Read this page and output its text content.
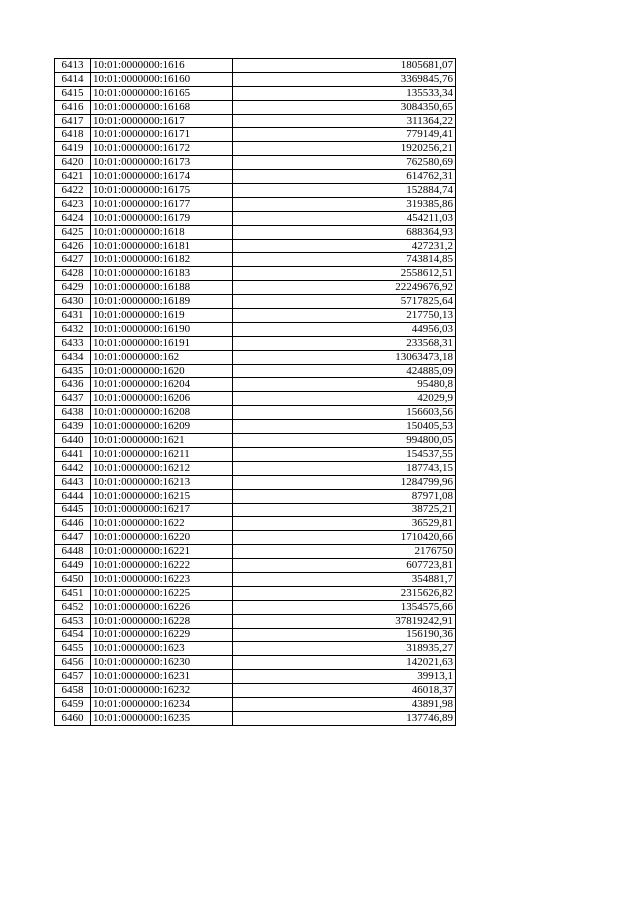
6413	10:01:0000000:1616	1805681,07
6414	10:01:0000000:16160	3369845,76
6415	10:01:0000000:16165	135533,34
6416	10:01:0000000:16168	3084350,65
6417	10:01:0000000:1617	311364,22
6418	10:01:0000000:16171	779149,41
6419	10:01:0000000:16172	1920256,21
6420	10:01:0000000:16173	762580,69
6421	10:01:0000000:16174	614762,31
6422	10:01:0000000:16175	152884,74
6423	10:01:0000000:16177	319385,86
6424	10:01:0000000:16179	454211,03
6425	10:01:0000000:1618	688364,93
6426	10:01:0000000:16181	427231,2
6427	10:01:0000000:16182	743814,85
6428	10:01:0000000:16183	2558612,51
6429	10:01:0000000:16188	22249676,92
6430	10:01:0000000:16189	5717825,64
6431	10:01:0000000:1619	217750,13
6432	10:01:0000000:16190	44956,03
6433	10:01:0000000:16191	233568,31
6434	10:01:0000000:162	13063473,18
6435	10:01:0000000:1620	424885,09
6436	10:01:0000000:16204	95480,8
6437	10:01:0000000:16206	42029,9
6438	10:01:0000000:16208	156603,56
6439	10:01:0000000:16209	150405,53
6440	10:01:0000000:1621	994800,05
6441	10:01:0000000:16211	154537,55
6442	10:01:0000000:16212	187743,15
6443	10:01:0000000:16213	1284799,96
6444	10:01:0000000:16215	87971,08
6445	10:01:0000000:16217	38725,21
6446	10:01:0000000:1622	36529,81
6447	10:01:0000000:16220	1710420,66
6448	10:01:0000000:16221	2176750
6449	10:01:0000000:16222	607723,81
6450	10:01:0000000:16223	354881,7
6451	10:01:0000000:16225	2315626,82
6452	10:01:0000000:16226	1354575,66
6453	10:01:0000000:16228	37819242,91
6454	10:01:0000000:16229	156190,36
6455	10:01:0000000:1623	318935,27
6456	10:01:0000000:16230	142021,63
6457	10:01:0000000:16231	39913,1
6458	10:01:0000000:16232	46018,37
6459	10:01:0000000:16234	43891,98
6460	10:01:0000000:16235	137746,89
